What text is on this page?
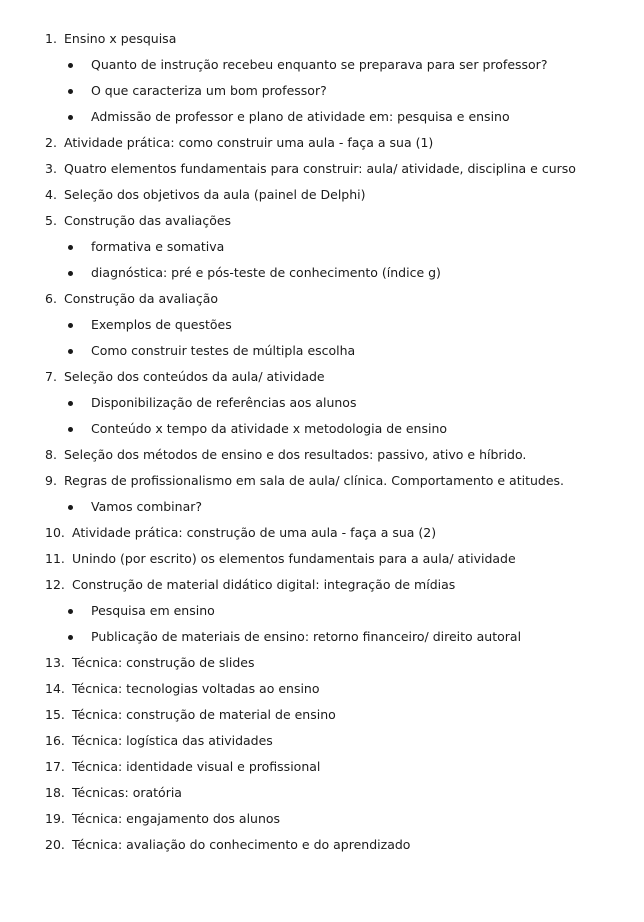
1. Ensino x pesquisa
Quanto de instrução recebeu enquanto se preparava para ser professor?
O que caracteriza um bom professor?
Admissão de professor e plano de atividade em: pesquisa e ensino
2. Atividade prática: como construir uma aula - faça a sua (1)
3. Quatro elementos fundamentais para construir: aula/ atividade, disciplina e curso
4. Seleção dos objetivos da aula (painel de Delphi)
5. Construção das avaliações
formativa e somativa
diagnóstica: pré e pós-teste de conhecimento (índice g)
6. Construção da avaliação
Exemplos de questões
Como construir testes de múltipla escolha
7. Seleção dos conteúdos da aula/ atividade
Disponibilização de referências aos alunos
Conteúdo x tempo da atividade x metodologia de ensino
8. Seleção dos métodos de ensino e dos resultados: passivo, ativo e híbrido.
9. Regras de profissionalismo em sala de aula/ clínica. Comportamento e atitudes.
Vamos combinar?
10. Atividade prática: construção de uma aula - faça a sua (2)
11. Unindo (por escrito) os elementos fundamentais para a aula/ atividade
12. Construção de material didático digital: integração de mídias
Pesquisa em ensino
Publicação de materiais de ensino: retorno financeiro/ direito autoral
13. Técnica: construção de slides
14. Técnica: tecnologias voltadas ao ensino
15. Técnica: construção de material de ensino
16. Técnica: logística das atividades
17. Técnica: identidade visual e profissional
18. Técnicas: oratória
19. Técnica: engajamento dos alunos
20. Técnica: avaliação do conhecimento e do aprendizado
